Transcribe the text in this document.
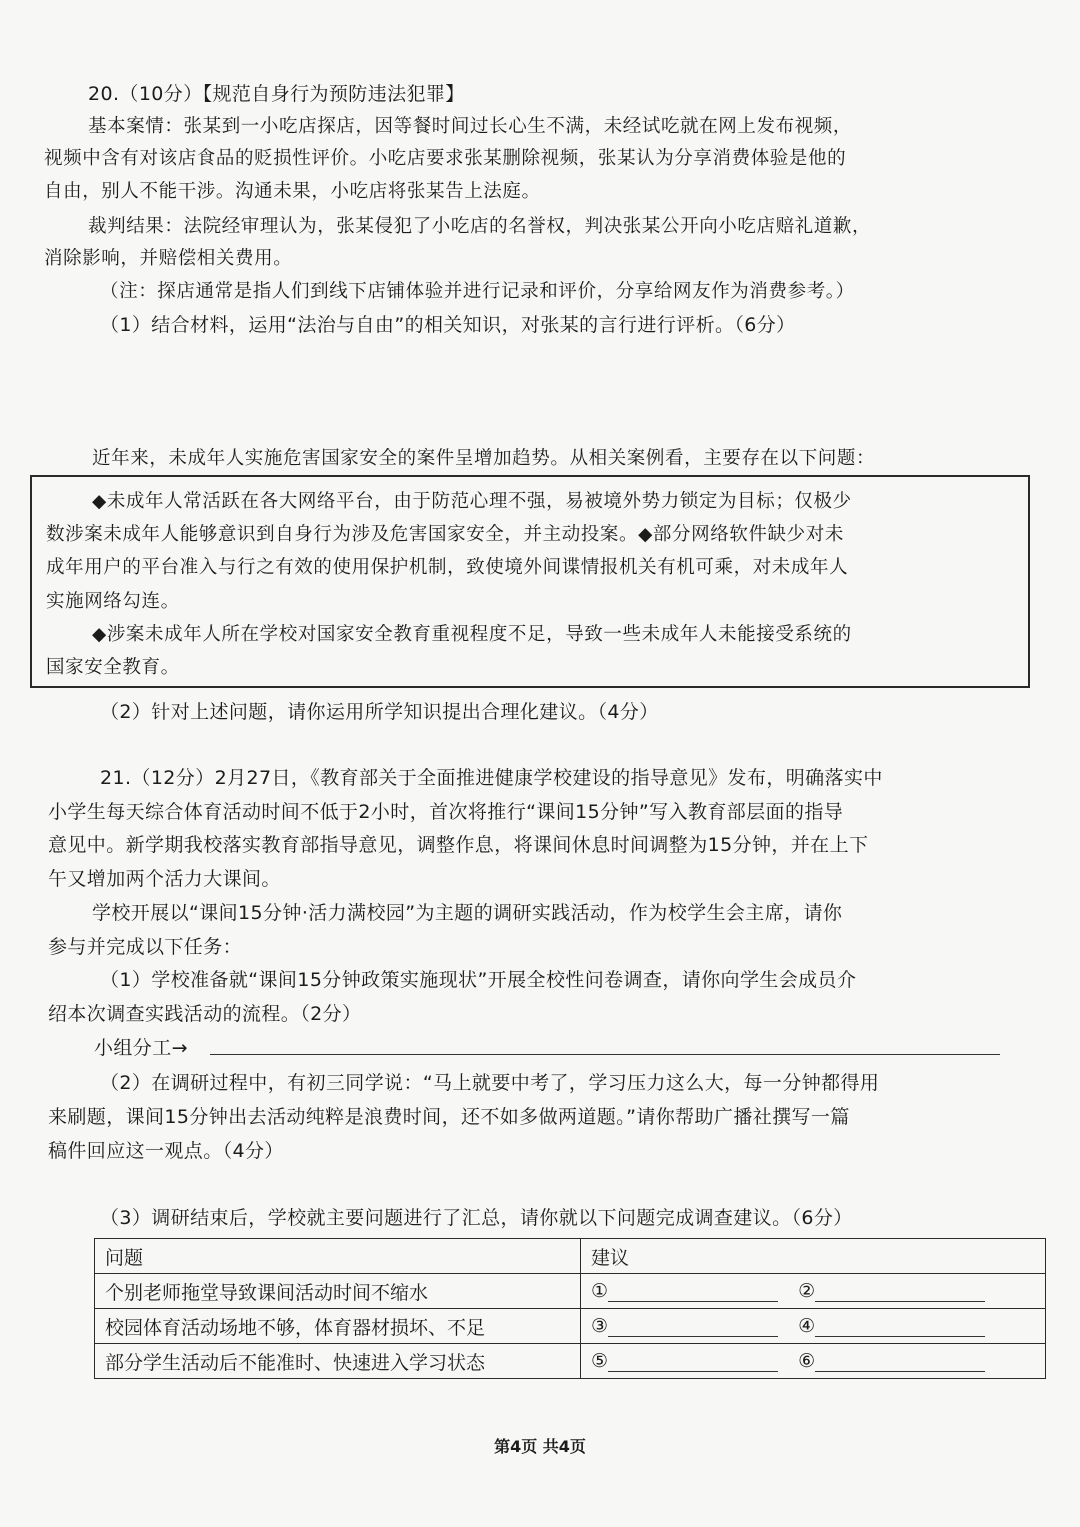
20.（10分）【规范自身行为预防违法犯罪】
基本案情：张某到一小吃店探店，因等餐时间过长心生不满，未经试吃就在网上发布视频，
视频中含有对该店食品的贬损性评价。小吃店要求张某删除视频，张某认为分享消费体验是他的
自由，别人不能干涉。沟通未果，小吃店将张某告上法庭。
裁判结果：法院经审理认为，张某侵犯了小吃店的名誉权，判决张某公开向小吃店赔礼道歉，
消除影响，并赔偿相关费用。
（注：探店通常是指人们到线下店铺体验并进行记录和评价，分享给网友作为消费参考。）
（1）结合材料，运用“法治与自由”的相关知识，对张某的言行进行评析。（6分）
近年来，未成年人实施危害国家安全的案件呈增加趋势。从相关案例看，主要存在以下问题：
◆未成年人常活跃在各大网络平台，由于防范心理不强，易被境外势力锁定为目标；仅极少
数涉案未成年人能够意识到自身行为涉及危害国家安全，并主动投案。◆部分网络软件缺少对未
成年用户的平台准入与行之有效的使用保护机制，致使境外间谍情报机关有机可乘，对未成年人
实施网络勾连。
◆涉案未成年人所在学校对国家安全教育重视程度不足，导致一些未成年人未能接受系统的
国家安全教育。
（2）针对上述问题，请你运用所学知识提出合理化建议。（4分）
21.（12分）2月27日，《教育部关于全面推进健康学校建设的指导意见》发布，明确落实中
小学生每天综合体育活动时间不低于2小时，首次将推行“课间15分钟”写入教育部层面的指导
意见中。新学期我校落实教育部指导意见，调整作息，将课间休息时间调整为15分钟，并在上下
午又增加两个活力大课间。
学校开展以“课间15分钟·活力满校园”为主题的调研实践活动，作为校学生会主席，请你
参与并完成以下任务：
（1）学校准备就“课间15分钟政策实施现状”开展全校性问卷调查，请你向学生会成员介
绍本次调查实践活动的流程。（2分）
小组分工→
（2）在调研过程中，有初三同学说：“马上就要中考了，学习压力这么大，每一分钟都得用
来刷题，课间15分钟出去活动纯粹是浪费时间，还不如多做两道题。”请你帮助广播社撰写一篇
稿件回应这一观点。（4分）
（3）调研结束后，学校就主要问题进行了汇总，请你就以下问题完成调查建议。（6分）
问题	建议
个别老师拖堂导致课间活动时间不缩水	① ②
校园体育活动场地不够，体育器材损坏、不足	③ ④
部分学生活动后不能准时、快速进入学习状态	⑤ ⑥
第4页 共4页
